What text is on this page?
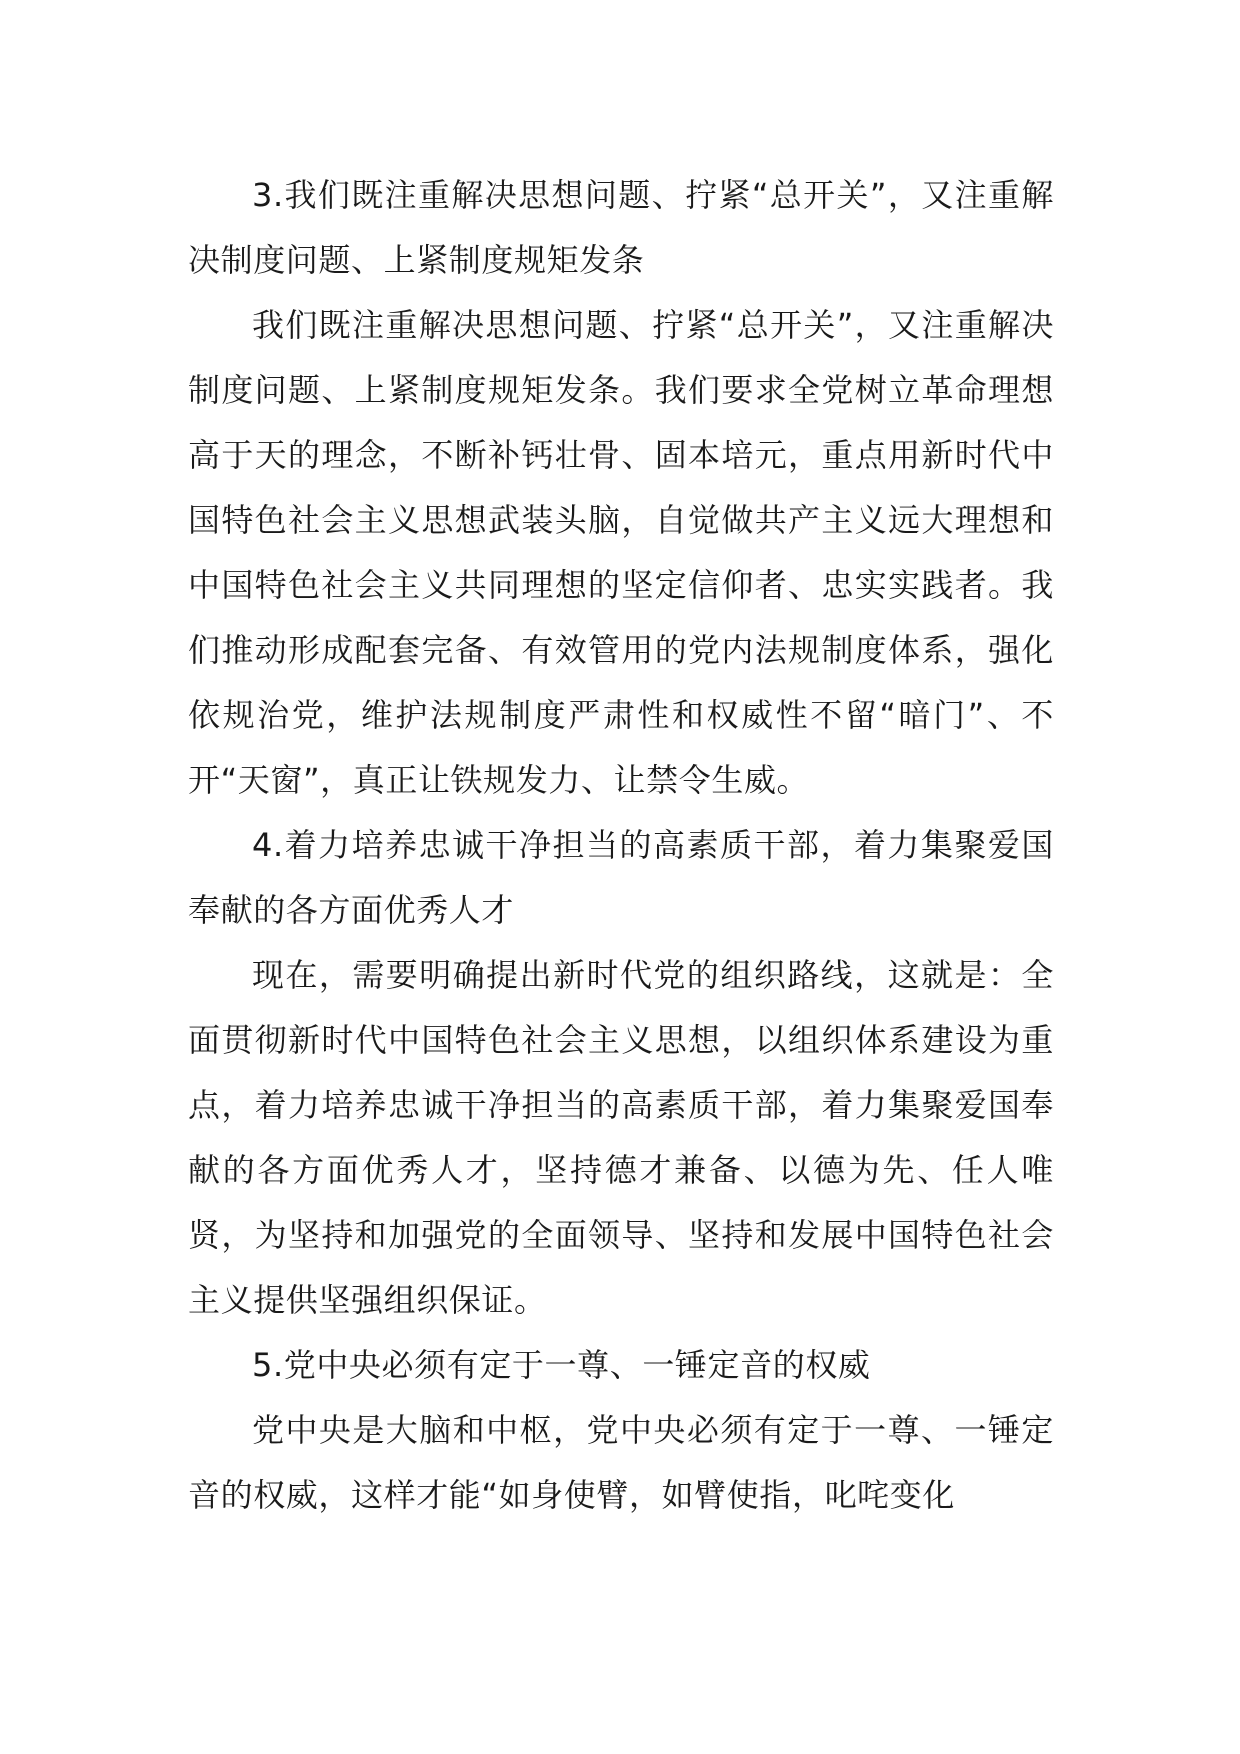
3.我们既注重解决思想问题、拧紧“总开关”，又注重解决制度问题、上紧制度规矩发条

我们既注重解决思想问题、拧紧“总开关”，又注重解决制度问题、上紧制度规矩发条。我们要求全党树立革命理想高于天的理念，不断补钙壮骨、固本培元，重点用新时代中国特色社会主义思想武装头脑，自觉做共产主义远大理想和中国特色社会主义共同理想的坚定信仰者、忠实实践者。我们推动形成配套完备、有效管用的党内法规制度体系，强化依规治党，维护法规制度严肃性和权威性不留“暗门”、不开“天窗”，真正让铁规发力、让禁令生威。

4.着力培养忠诚干净担当的高素质干部，着力集聚爱国奉献的各方面优秀人才

现在，需要明确提出新时代党的组织路线，这就是：全面贯彻新时代中国特色社会主义思想，以组织体系建设为重点，着力培养忠诚干净担当的高素质干部，着力集聚爱国奉献的各方面优秀人才，坚持德才兼备、以德为先、任人唯贤，为坚持和加强党的全面领导、坚持和发展中国特色社会主义提供坚强组织保证。

5.党中央必须有定于一尊、一锤定音的权威

党中央是大脑和中枢，党中央必须有定于一尊、一锤定音的权威，这样才能“如身使臂，如臂使指，叱咤变化
